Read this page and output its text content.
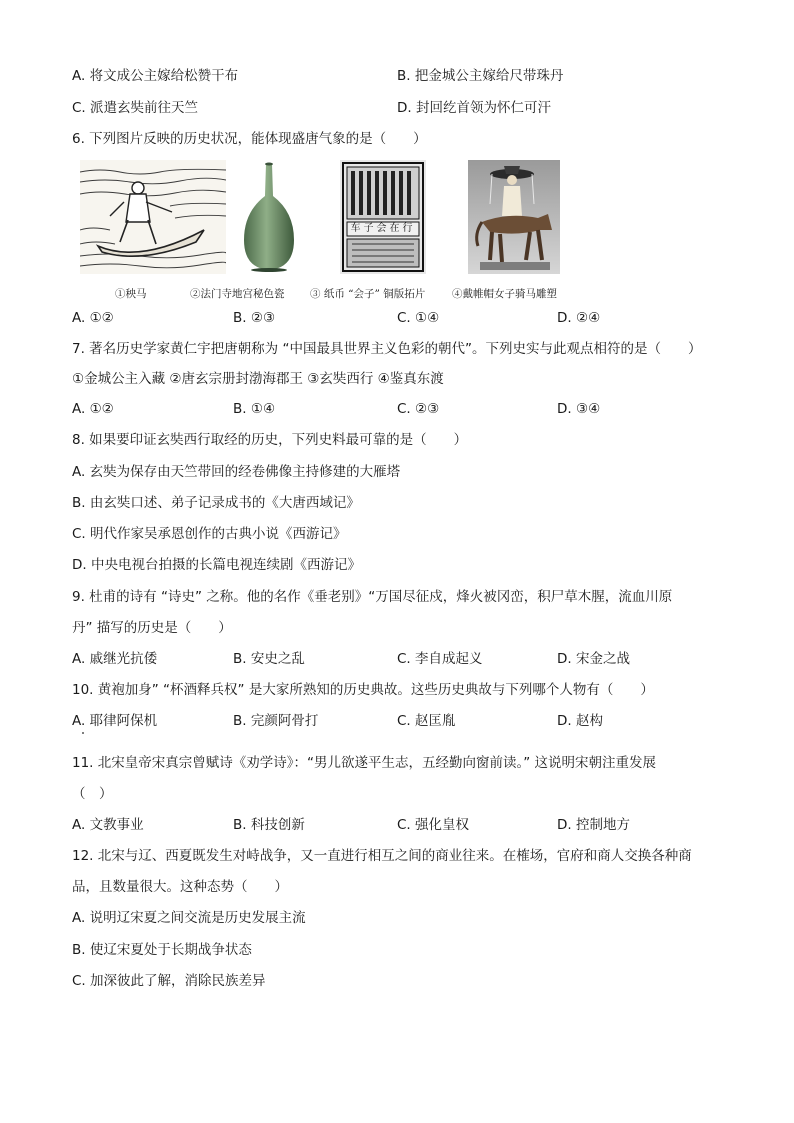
A. 将文成公主嫁给松赞干布	B. 把金城公主嫁给尺带珠丹
C. 派遣玄奘前往天竺	D. 封回纥首领为怀仁可汗
6. 下列图片反映的历史状况，能体现盛唐气象的是（　　）
车子会在行
①秧马	②法门寺地宫秘色瓷 ③ 纸币 “会子” 铜版拓片	④戴帷帽女子骑马雕塑
A. ①②	B. ②③	C. ①④	D. ②④
7. 著名历史学家黄仁宇把唐朝称为 “中国最具世界主义色彩的朝代”。下列史实与此观点相符的是（　　）
①金城公主入藏 ②唐玄宗册封渤海郡王 ③玄奘西行 ④鉴真东渡
A. ①②	B. ①④	C. ②③	D. ③④
8. 如果要印证玄奘西行取经的历史，下列史料最可靠的是（　　）
A. 玄奘为保存由天竺带回的经卷佛像主持修建的大雁塔
B. 由玄奘口述、弟子记录成书的《大唐西域记》
C. 明代作家吴承恩创作的古典小说《西游记》
D. 中央电视台拍摄的长篇电视连续剧《西游记》
9. 杜甫的诗有 “诗史” 之称。他的名作《垂老别》“万国尽征戍，烽火被冈峦，积尸草木腥，流血川原
丹” 描写的历史是（　　）
A. 戚继光抗倭	B. 安史之乱	C. 李自成起义	D. 宋金之战
10. 黄袍加身” “杯酒释兵权” 是大家所熟知的历史典故。这些历史典故与下列哪个人物有（　　）
A. 耶律阿保机	B. 完颜阿骨打	C. 赵匡胤	D. 赵构
11. 北宋皇帝宋真宗曾赋诗《劝学诗》：“男儿欲遂平生志，五经勤向窗前读。” 这说明宋朝注重发展
（　）
A. 文教事业	B. 科技创新	C. 强化皇权	D. 控制地方
12. 北宋与辽、西夏既发生对峙战争，又一直进行相互之间的商业往来。在榷场，官府和商人交换各种商
品，且数量很大。这种态势（　　）
A. 说明辽宋夏之间交流是历史发展主流
B. 使辽宋夏处于长期战争状态
C. 加深彼此了解，消除民族差异
